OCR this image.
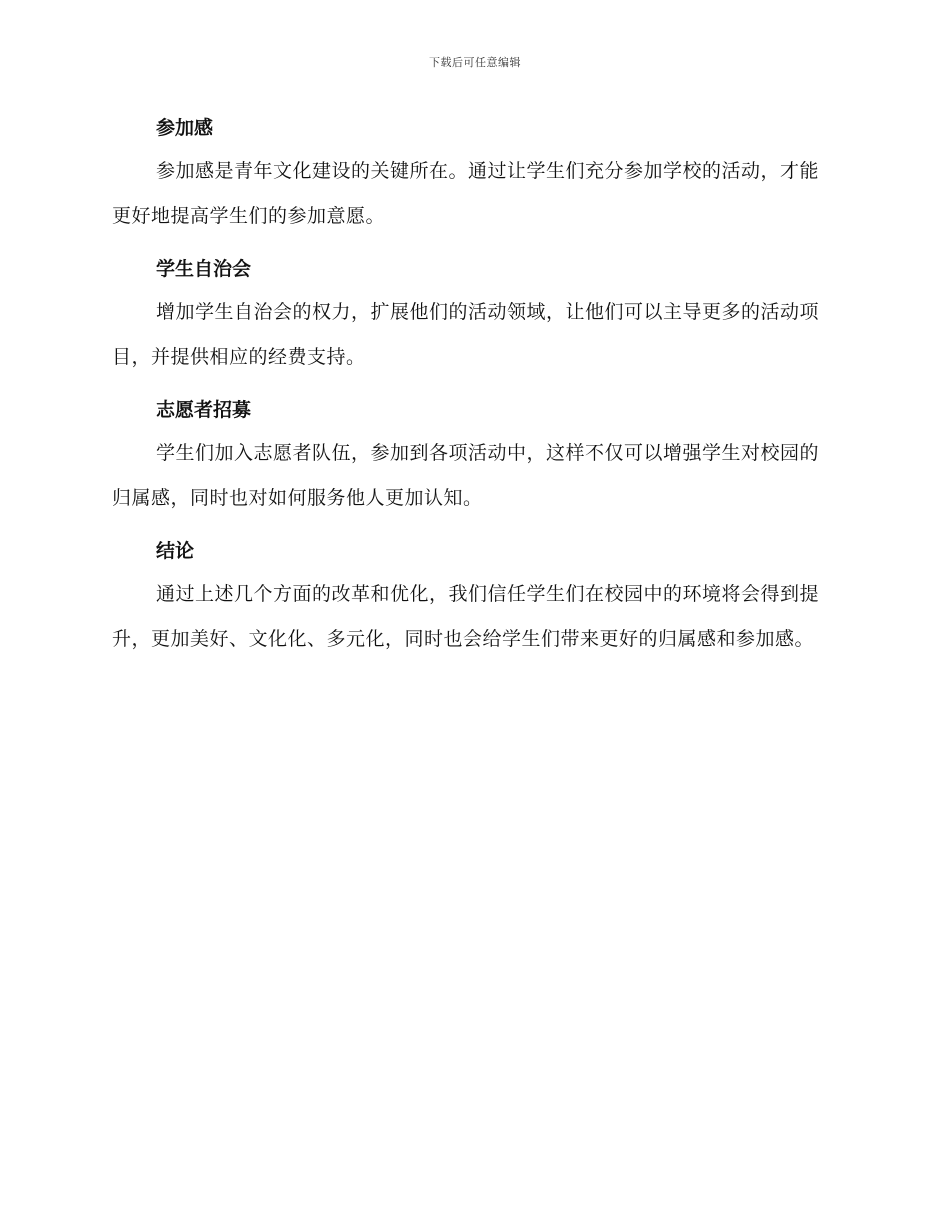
下载后可任意编辑
参加感

参加感是青年文化建设的关键所在。通过让学生们充分参加学校的活动，才能更好地提高学生们的参加意愿。

学生自治会

增加学生自治会的权力，扩展他们的活动领域，让他们可以主导更多的活动项目，并提供相应的经费支持。

志愿者招募

学生们加入志愿者队伍，参加到各项活动中，这样不仅可以增强学生对校园的归属感，同时也对如何服务他人更加认知。

结论

通过上述几个方面的改革和优化，我们信任学生们在校园中的环境将会得到提升，更加美好、文化化、多元化，同时也会给学生们带来更好的归属感和参加感。
